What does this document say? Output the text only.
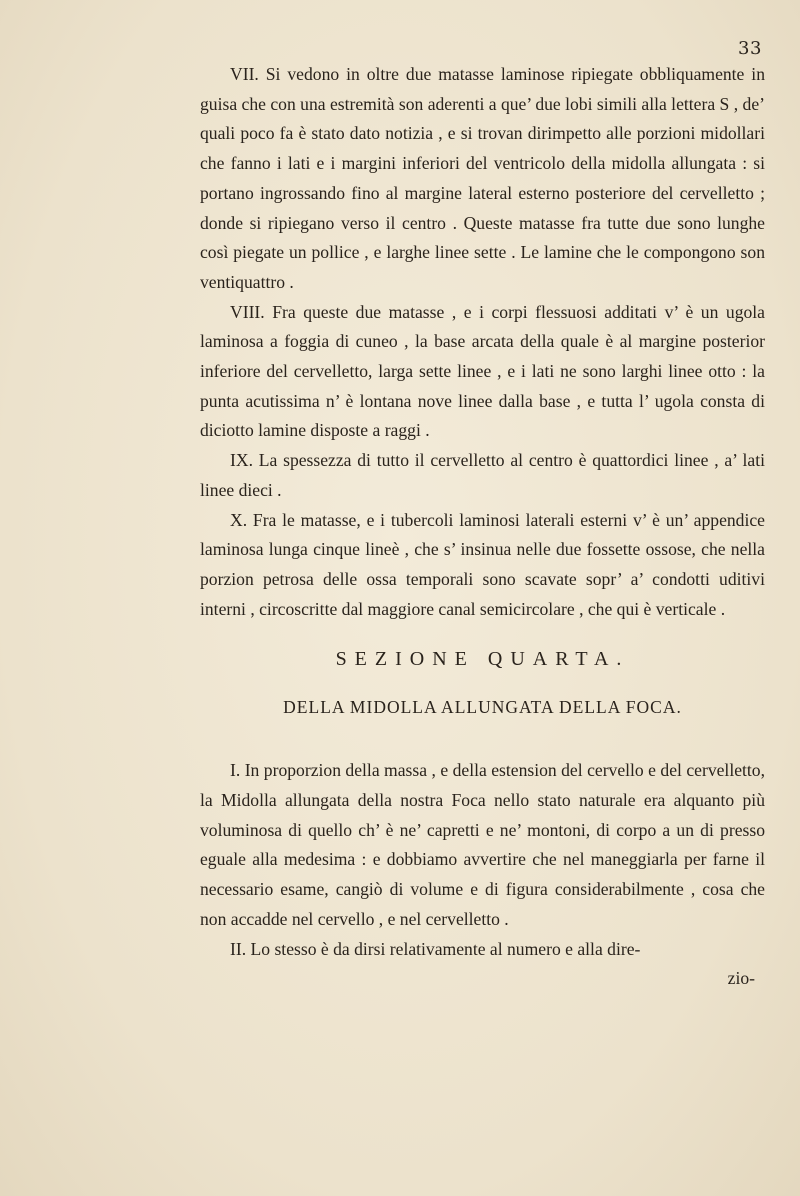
33

VII. Si vedono in oltre due matasse laminose ripiegate obbliquamente in guisa che con una estremità son aderenti a que’ due lobi simili alla lettera S , de’ quali poco fa è stato dato notizia , e si trovan dirimpetto alle porzioni midollari che fanno i lati e i margini inferiori del ventricolo della midolla allungata : si portano ingrossando fino al margine lateral esterno posteriore del cervelletto ; donde si ripiegano verso il centro . Queste matasse fra tutte due sono lunghe così piegate un pollice , e larghe linee sette . Le lamine che le compongono son ventiquattro .

VIII. Fra queste due matasse , e i corpi flessuosi additati v’ è un ugola laminosa a foggia di cuneo , la base arcata della quale è al margine posterior inferiore del cervelletto, larga sette linee , e i lati ne sono larghi linee otto : la punta acutissima n’ è lontana nove linee dalla base , e tutta l’ ugola consta di diciotto lamine disposte a raggi .

IX. La spessezza di tutto il cervelletto al centro è quattordici linee , a’ lati linee dieci .

X. Fra le matasse, e i tubercoli laminosi laterali esterni v’ è un’ appendice laminosa lunga cinque lineè , che s’ insinua nelle due fossette ossose, che nella porzion petrosa delle ossa temporali sono scavate sopr’ a’ condotti uditivi interni , circoscritte dal maggiore canal semicircolare , che qui è verticale .

SEZIONE QUARTA.
DELLA MIDOLLA ALLUNGATA DELLA FOCA.

I. In proporzion della massa , e della estension del cervello e del cervelletto, la Midolla allungata della nostra Foca nello stato naturale era alquanto più voluminosa di quello ch’ è ne’ capretti e ne’ montoni, di corpo a un di presso eguale alla medesima : e dobbiamo avvertire che nel maneggiarla per farne il necessario esame, cangiò di volume e di figura considerabilmente , cosa che non accadde nel cervello , e nel cervelletto .

II. Lo stesso è da dirsi relativamente al numero e alla dire-

zio-
